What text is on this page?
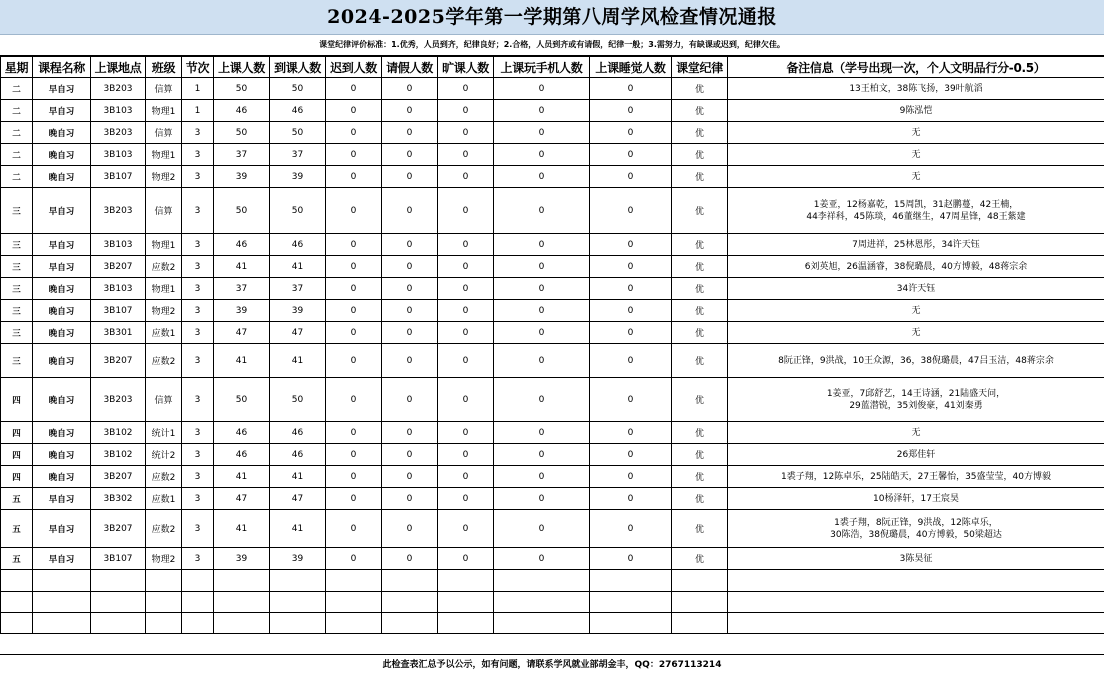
2024-2025学年第一学期第八周学风检查情况通报
课堂纪律评价标准：1.优秀，人员到齐，纪律良好；2.合格，人员到齐或有请假，纪律一般；3.需努力，有缺课或迟到，纪律欠佳。
星期	课程名称	上课地点	班级	节次	上课人数	到课人数	迟到人数	请假人数	旷课人数	上课玩手机人数	上课睡觉人数	课堂纪律	备注信息（学号出现一次，个人文明品行分-0.5）
二	早自习	3B203	信算	1	50	50	0	0	0	0	0	优	13王柏文，38陈飞扬，39叶航滔

二	早自习	3B103	物理1	1	46	46	0	0	0	0	0	优	9陈泓恺

二	晚自习	3B203	信算	3	50	50	0	0	0	0	0	优	无

二	晚自习	3B103	物理1	3	37	37	0	0	0	0	0	优	无

二	晚自习	3B107	物理2	3	39	39	0	0	0	0	0	优	无

三	早自习	3B203	信算	3	50	50	0	0	0	0	0	优	1姜亚，12杨嘉乾，15周凯，31赵鹏蔓，42王楠，
44李祥科，45陈琰，46董继生，47周星锋，48王紫建

三	早自习	3B103	物理1	3	46	46	0	0	0	0	0	优	7周进祥，25林恩彤，34许天钰

三	早自习	3B207	应数2	3	41	41	0	0	0	0	0	优	6刘英旭，26温涵睿，38倪璐晨，40方博毅，48蒋宗余

三	晚自习	3B103	物理1	3	37	37	0	0	0	0	0	优	34许天钰

三	晚自习	3B107	物理2	3	39	39	0	0	0	0	0	优	无

三	晚自习	3B301	应数1	3	47	47	0	0	0	0	0	优	无

三	晚自习	3B207	应数2	3	41	41	0	0	0	0	0	优	8阮正锋，9洪战，10王众源，36，38倪璐晨，47吕玉洁，48蒋宗余

四	晚自习	3B203	信算	3	50	50	0	0	0	0	0	优	1姜亚，7邱舒艺，14王诗涵，21陆盛天问，
29蓝潜锐，35刘俊豪，41刘秦勇

四	晚自习	3B102	统计1	3	46	46	0	0	0	0	0	优	无

四	晚自习	3B102	统计2	3	46	46	0	0	0	0	0	优	26郑佳轩

四	晚自习	3B207	应数2	3	41	41	0	0	0	0	0	优	1裘子翔，12陈卓乐，25陆皓天，27王馨怡，35盛莹莹，40方博毅

五	早自习	3B302	应数1	3	47	47	0	0	0	0	0	优	10杨泽轩，17王宸昊

五	早自习	3B207	应数2	3	41	41	0	0	0	0	0	优	1裘子翔，8阮正锋，9洪战，12陈卓乐，
30陈浩，38倪璐晨，40方博毅，50梁超达

五	早自习	3B107	物理2	3	39	39	0	0	0	0	0	优	3陈昊征

此检查表汇总予以公示，如有问题，请联系学风就业部胡金丰，QQ：2767113214
